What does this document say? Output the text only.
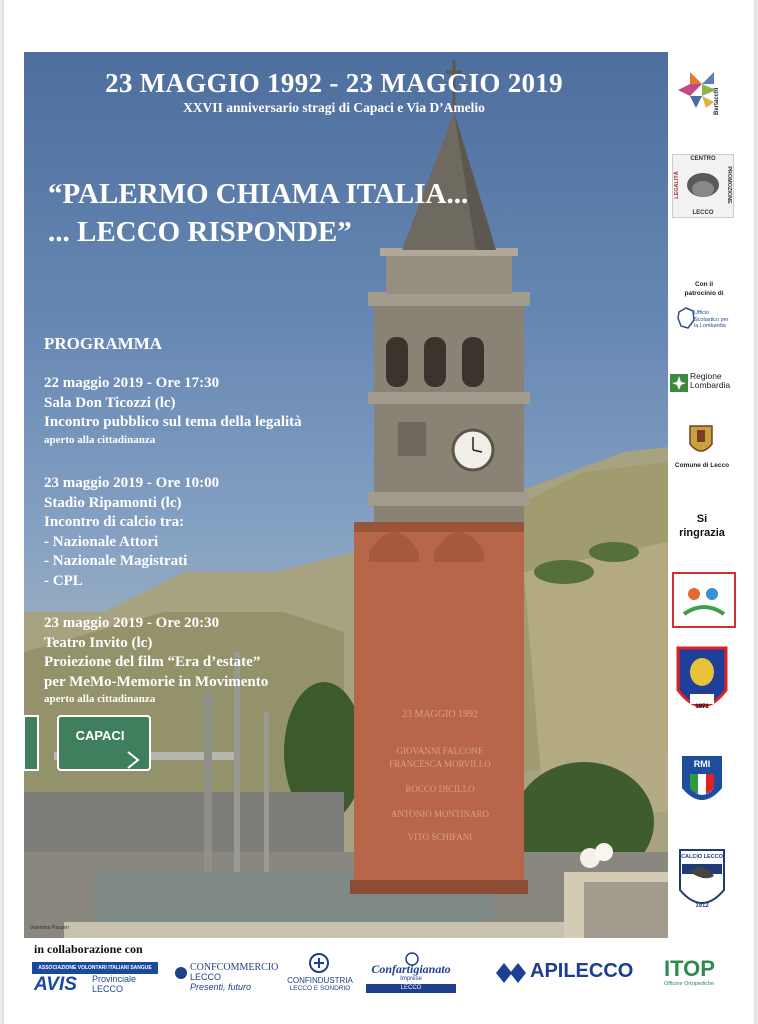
23 MAGGIO 1992 - 23 MAGGIO 2019
XXVII anniversario stragi di Capaci e Via D’Amelio
“PALERMO CHIAMA ITALIA...
... LECCO RISPONDE”
PROGRAMMA
22 maggio 2019 - Ore 17:30
Sala Don Ticozzi (lc)
Incontro pubblico sul tema della legalità
aperto alla cittadinanza
23 maggio 2019 - Ore 10:00
Stadio Ripamonti (lc)
Incontro di calcio tra:
- Nazionale Attori
- Nazionale Magistrati
- CPL
23 maggio 2019 - Ore 20:30
Teatro Invito (lc)
Proiezione del film “Era d’estate”
per MeMo-Memorie in Movimento
aperto alla cittadinanza
CAPACI
23 MAGGIO 1992
GIOVANNI FALCONE
FRANCESCA MORVILLO
ROCCO DICILLO
ANTONIO MONTINARO
VITO SCHIFANI
Valentina Panzeri
Bertacchi
CENTRO
LECCO
LEGALITÀ	PROMOZIONE
Con il patrocinio di
Ufficio Scolastico per la Lombardia
Regione Lombardia
Comune di Lecco
Si ringrazia
1971
RMI
CALCIO LECCO
1912
in collaborazione con
ASSOCIAZIONE VOLONTARI ITALIANI SANGUE
AVIS Provinciale
LECCO
CONFCOMMERCIO
LECCO
Presenti, futuro
CONFINDUSTRIA
LECCO E SONDRIO
Confartigianato
Imprese
LECCO
APILECCO ITOP
Officine Ortopediche
